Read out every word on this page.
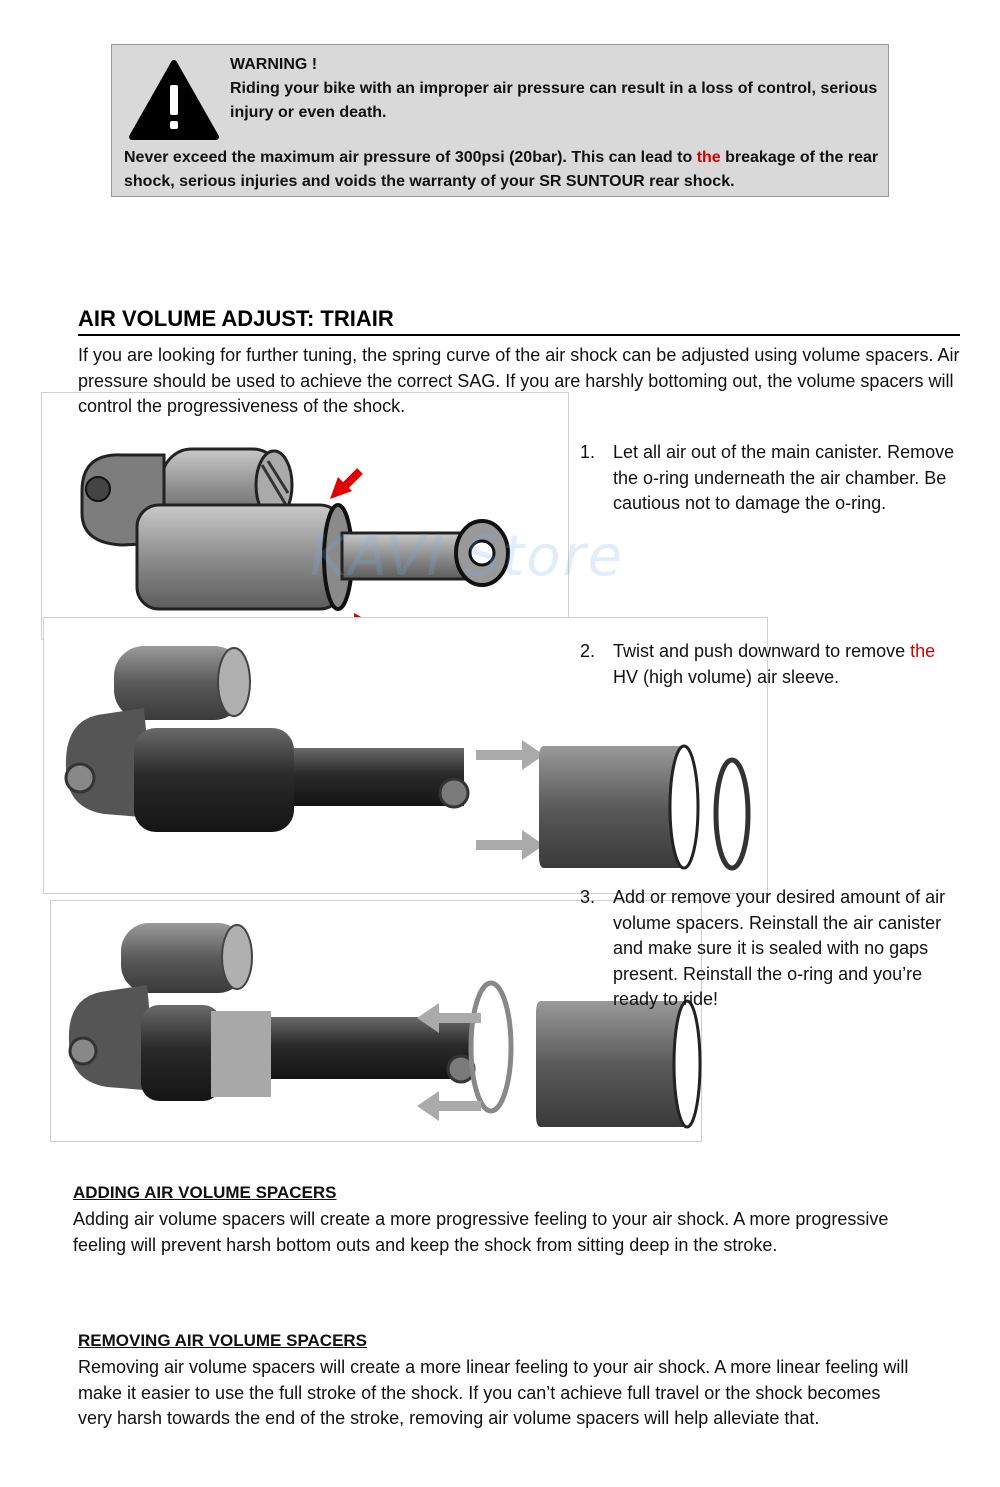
WARNING !
Riding your bike with an improper air pressure can result in a loss of control, serious injury or even death.
Never exceed the maximum air pressure of 300psi (20bar). This can lead to the breakage of the rear shock, serious injuries and voids the warranty of your SR SUNTOUR rear shock.
AIR VOLUME ADJUST: TRIAIR
KAVI Store
If you are looking for further tuning, the spring curve of the air shock can be adjusted using volume spacers. Air pressure should be used to achieve the correct SAG. If you are harshly bottoming out, the volume spacers will control the progressiveness of the shock.
1. Let all air out of the main canister. Remove the o-ring underneath the air chamber. Be cautious not to damage the o-ring.
2. Twist and push downward to remove the HV (high volume) air sleeve.
3. Add or remove your desired amount of air volume spacers. Reinstall the air canister and make sure it is sealed with no gaps present. Reinstall the o-ring and you’re ready to ride!
ADDING AIR VOLUME SPACERS
Adding air volume spacers will create a more progressive feeling to your air shock. A more progressive feeling will prevent harsh bottom outs and keep the shock from sitting deep in the stroke.
REMOVING AIR VOLUME SPACERS
Removing air volume spacers will create a more linear feeling to your air shock. A more linear feeling will make it easier to use the full stroke of the shock. If you can’t achieve full travel or the shock becomes very harsh towards the end of the stroke, removing air volume spacers will help alleviate that.
